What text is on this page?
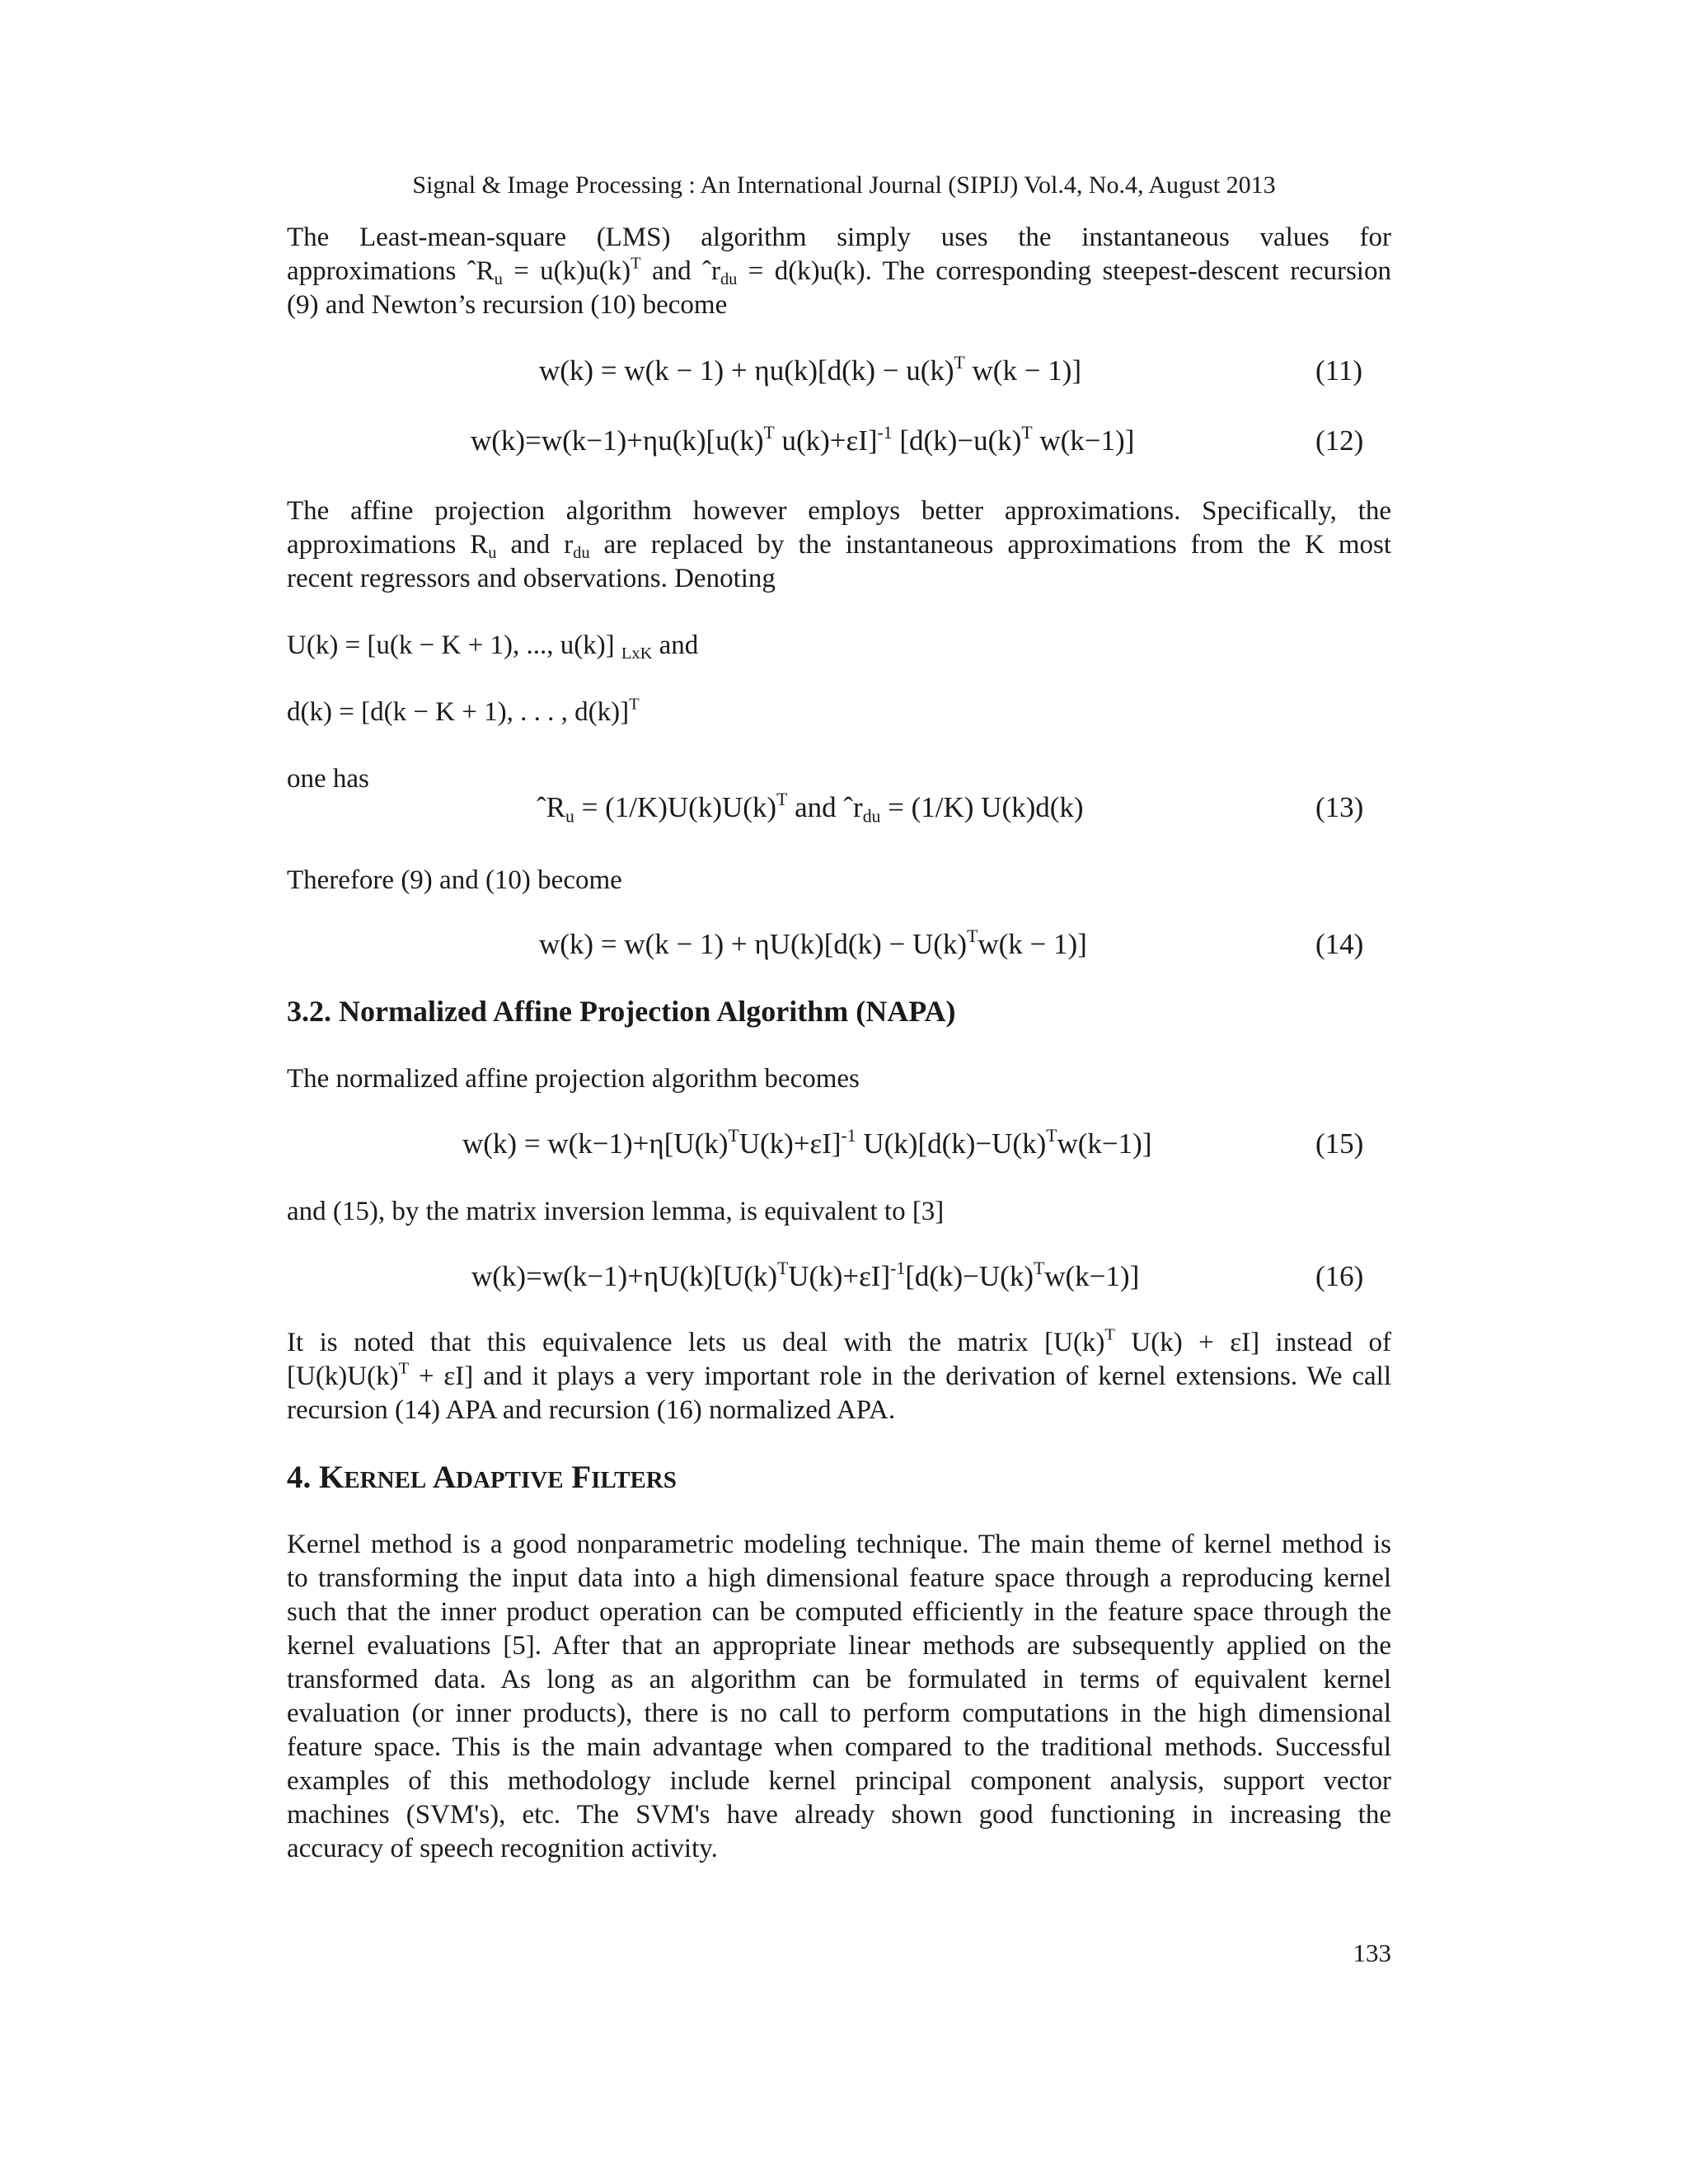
Signal & Image Processing : An International Journal (SIPIJ) Vol.4, No.4, August 2013
The Least-mean-square (LMS) algorithm simply uses the instantaneous values for
approximations ˆR$_u$ = $u(k)u(k)^T$ and ˆr$_{du}$ = d(k)u(k). The corresponding steepest-descent recursion
(9) and Newton’s recursion (10) become
$w(k) = w(k - 1) + \eta u(k)[d(k) - u(k)^T$ w(k − 1)]	(11)
$w(k)=w(k-1)+\eta u(k)[u(k)^T$ u(k)+εI]$^{-1}$ [$d(k)-u(k)^T$ w(k−1)]	(12)
The affine projection algorithm however employs better approximations. Specifically, the
approximations $R_u$ and $r_{du}$ are replaced by the instantaneous approximations from the K most
recent regressors and observations. Denoting
U(k) = [u(k − K + 1), ..., u(k)] $_{LxK}$ and
d(k) = [d(k − K + 1), . . . , d(k)]$^T$
one has
ˆR$_u$ = $(1/K)U(k)U(k)^T$ and ˆr$_{du}$ = (1/K) U(k)d(k)	(13)
Therefore (9) and (10) become
$w(k) = w(k - 1) + \eta U(k)[d(k) - U(k)^Tw(k - 1)]$	(14)
3.2. Normalized Affine Projection Algorithm (NAPA)
The normalized affine projection algorithm becomes
$w(k) = w(k-1)+\eta[U(k)^TU(k)+\varepsilon I]^{-1}$ $U(k)[d(k)-U(k)^Tw(k-1)]$	(15)
and (15), by the matrix inversion lemma, is equivalent to [3]
$w(k)=w(k-1)+\eta U(k)[U(k)^TU(k)+\varepsilon I]^{-1}[d(k)-U(k)^Tw(k-1)]$	(16)
It is noted that this equivalence lets us deal with the matrix [$U(k)^T$ U(k) + εI] instead of
$[U(k)U(k)^T + \varepsilon I]$ and it plays a very important role in the derivation of kernel extensions. We call
recursion (14) APA and recursion (16) normalized APA.
4. KERNEL ADAPTIVE FILTERS
Kernel method is a good nonparametric modeling technique. The main theme of kernel method is
to transforming the input data into a high dimensional feature space through a reproducing kernel
such that the inner product operation can be computed efficiently in the feature space through the
kernel evaluations [5]. After that an appropriate linear methods are subsequently applied on the
transformed data. As long as an algorithm can be formulated in terms of equivalent kernel
evaluation (or inner products), there is no call to perform computations in the high dimensional
feature space. This is the main advantage when compared to the traditional methods. Successful
examples of this methodology include kernel principal component analysis, support vector
machines (SVM's), etc. The SVM's have already shown good functioning in increasing the
accuracy of speech recognition activity.
133
